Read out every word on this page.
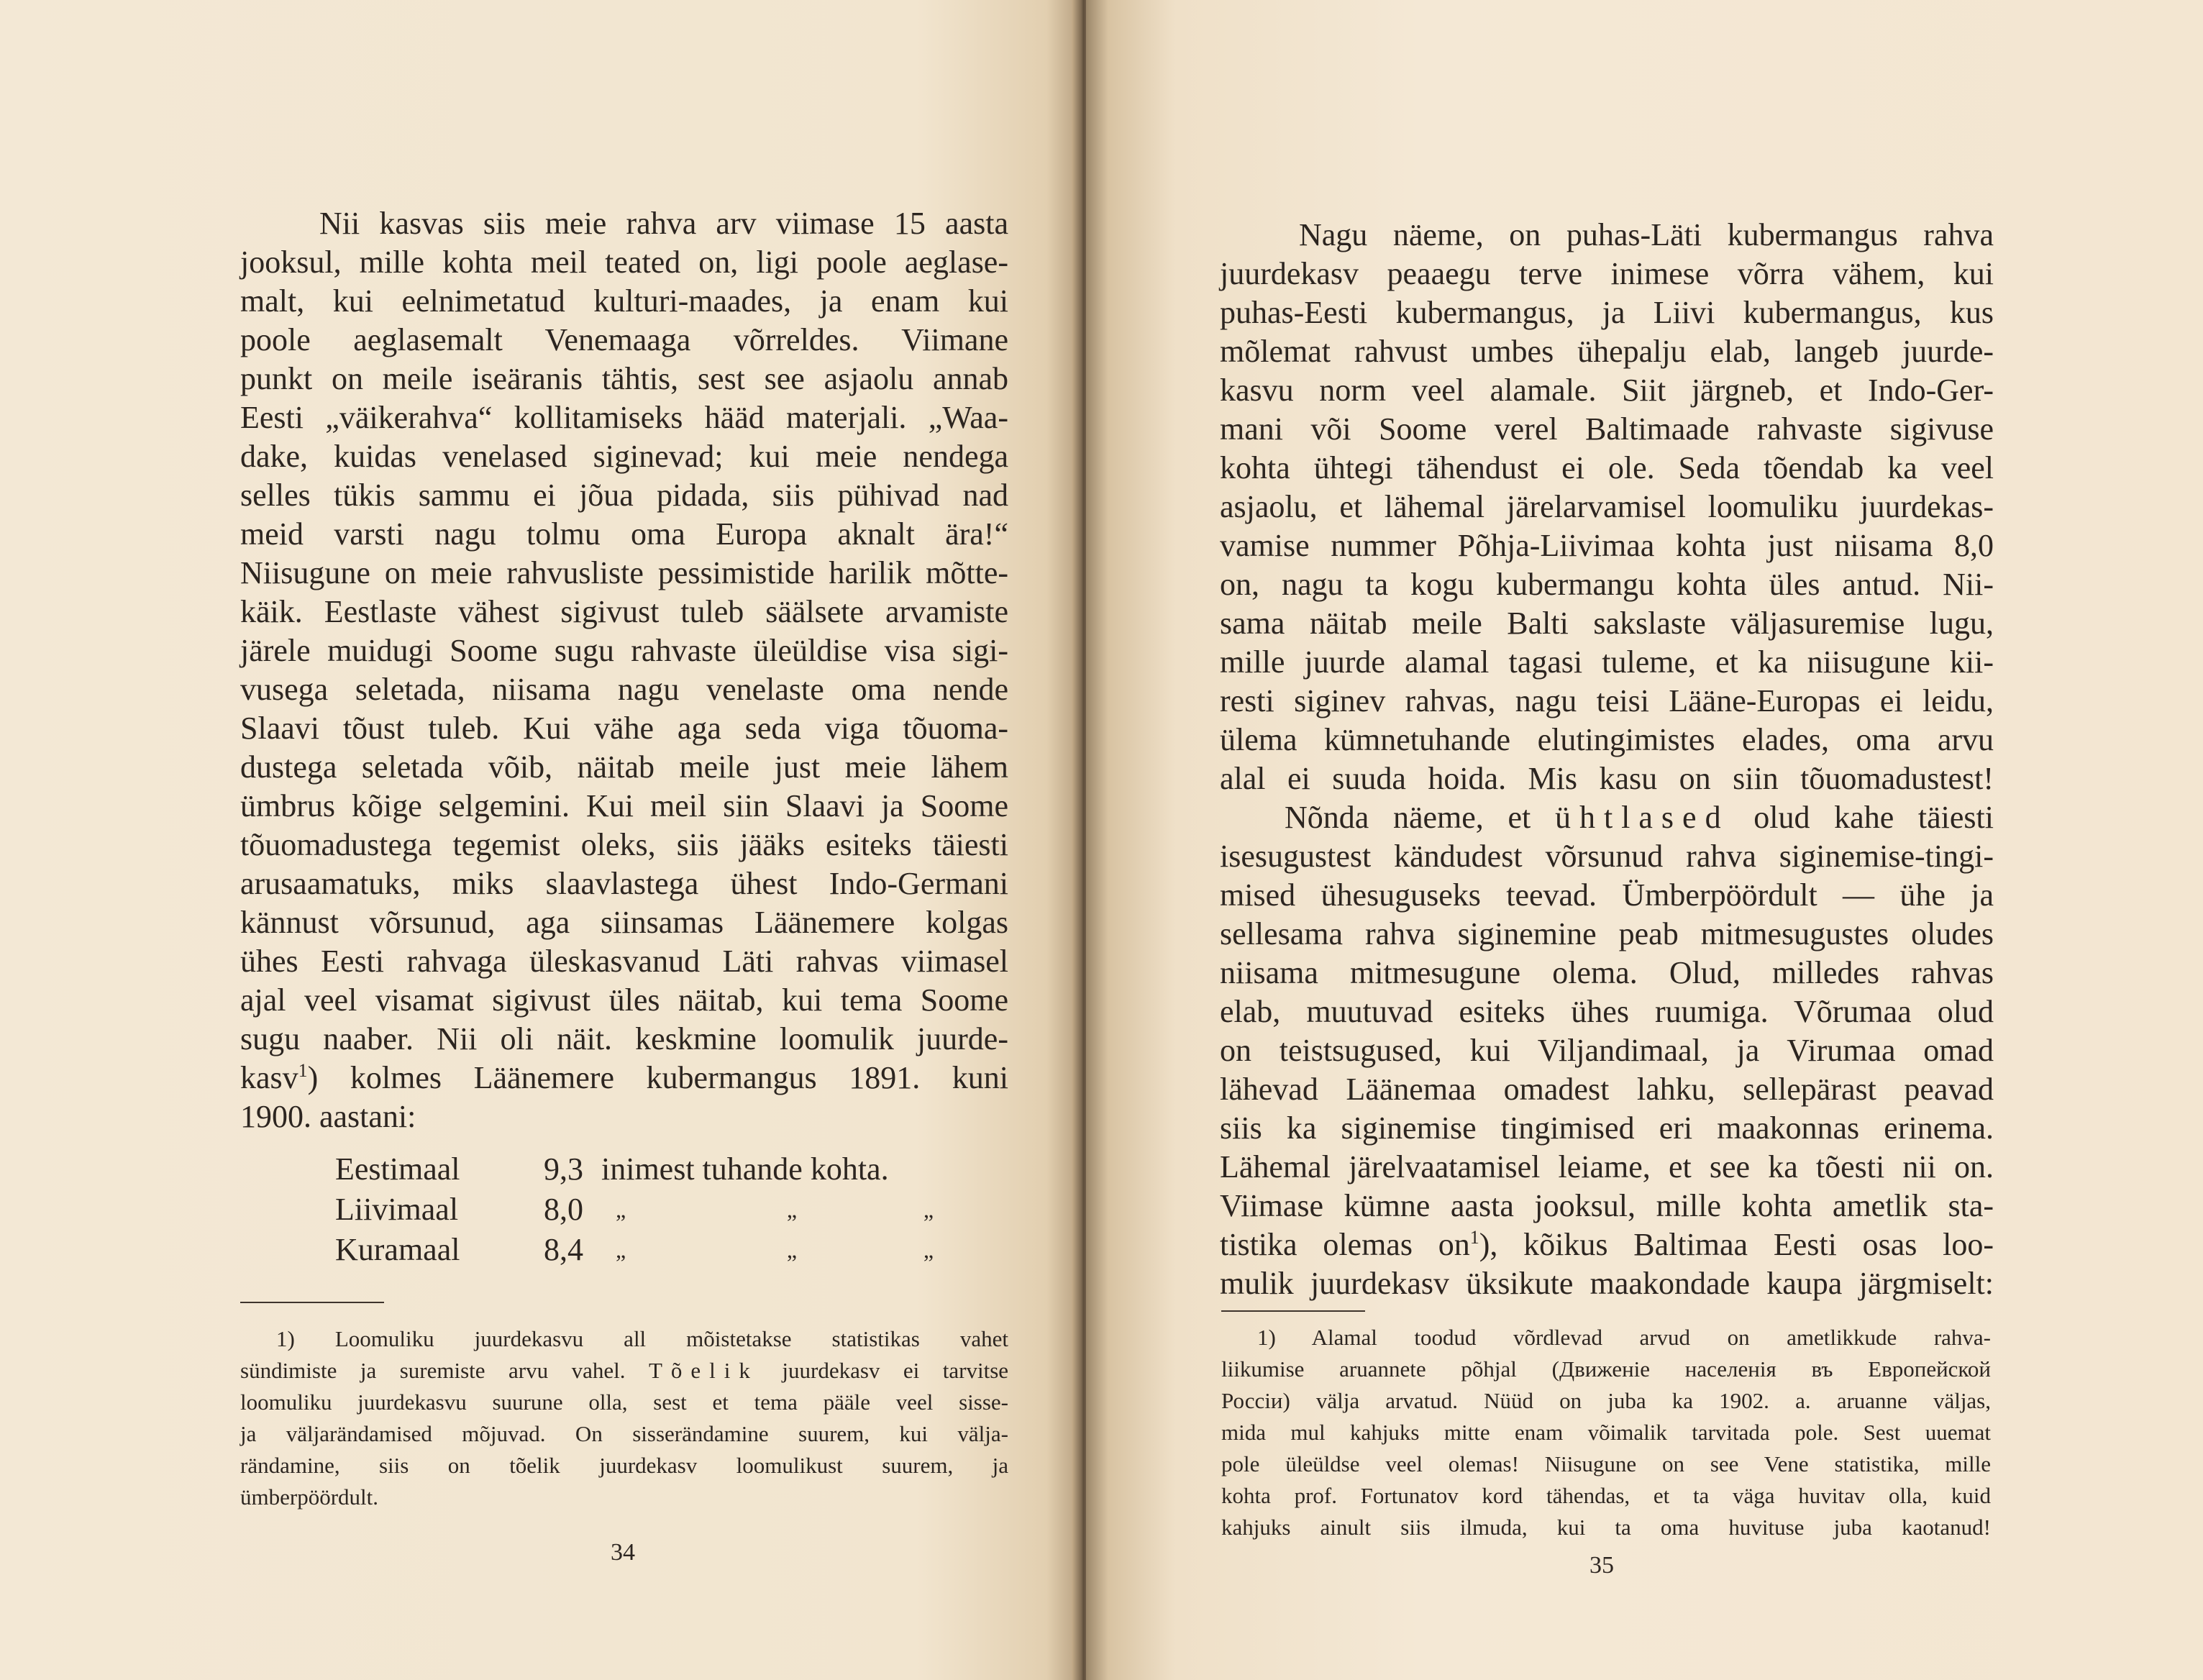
Nii kasvas siis meie rahva arv viimase 15 aasta
jooksul, mille kohta meil teated on, ligi poole aeglase-
malt, kui eelnimetatud kulturi-maades, ja enam kui
poole aeglasemalt Venemaaga võrreldes. Viimane
punkt on meile iseäranis tähtis, sest see asjaolu annab
Eesti „väikerahva“ kollitamiseks hääd materjali. „Waa-
dake, kuidas venelased siginevad; kui meie nendega
selles tükis sammu ei jõua pidada, siis pühivad nad
meid varsti nagu tolmu oma Europa aknalt ära!“
Niisugune on meie rahvusliste pessimistide harilik mõtte-
käik. Eestlaste vähest sigivust tuleb säälsete arvamiste
järele muidugi Soome sugu rahvaste üleüldise visa sigi-
vusega seletada, niisama nagu venelaste oma nende
Slaavi tõust tuleb. Kui vähe aga seda viga tõuoma-
dustega seletada võib, näitab meile just meie lähem
ümbrus kõige selgemini. Kui meil siin Slaavi ja Soome
tõuomadustega tegemist oleks, siis jääks esiteks täiesti
arusaamatuks, miks slaavlastega ühest Indo-Germani
kännust võrsunud, aga siinsamas Läänemere kolgas
ühes Eesti rahvaga üleskasvanud Läti rahvas viimasel
ajal veel visamat sigivust üles näitab, kui tema Soome
sugu naaber. Nii oli näit. keskmine loomulik juurde-
kasv$^1$) kolmes Läänemere kubermangus 1891. kuni
1900. aastani:
Eestimaal	9,3 inimest tuhande kohta.
Liivimaal	8,0	„	„	„
Kuramaal	8,4	„	„	„
1) Loomuliku juurdekasvu all mõistetakse statistikas vahet
sündimiste ja suremiste arvu vahel. Tõelik juurdekasv ei tarvitse
loomuliku juurdekasvu suurune olla, sest et tema pääle veel sisse-
ja väljarändamised mõjuvad. On sisserändamine suurem, kui välja-
rändamine, siis on tõelik juurdekasv loomulikust suurem, ja
ümberpöördult.
34
Nagu näeme, on puhas-Läti kubermangus rahva
juurdekasv peaaegu terve inimese võrra vähem, kui
puhas-Eesti kubermangus, ja Liivi kubermangus, kus
mõlemat rahvust umbes ühepalju elab, langeb juurde-
kasvu norm veel alamale. Siit järgneb, et Indo-Ger-
mani või Soome verel Baltimaade rahvaste sigivuse
kohta ühtegi tähendust ei ole. Seda tõendab ka veel
asjaolu, et lähemal järelarvamisel loomuliku juurdekas-
vamise nummer Põhja-Liivimaa kohta just niisama 8,0
on, nagu ta kogu kubermangu kohta üles antud. Nii-
sama näitab meile Balti sakslaste väljasuremise lugu,
mille juurde alamal tagasi tuleme, et ka niisugune kii-
resti siginev rahvas, nagu teisi Lääne-Europas ei leidu,
ülema kümnetuhande elutingimistes elades, oma arvu
alal ei suuda hoida. Mis kasu on siin tõuomadustest!
Nõnda näeme, et ühtlased olud kahe täiesti
isesugustest kändudest võrsunud rahva siginemise-tingi-
mised ühesuguseks teevad. Ümberpöördult — ühe ja
sellesama rahva siginemine peab mitmesugustes oludes
niisama mitmesugune olema. Olud, milledes rahvas
elab, muutuvad esiteks ühes ruumiga. Võrumaa olud
on teistsugused, kui Viljandimaal, ja Virumaa omad
lähevad Läänemaa omadest lahku, sellepärast peavad
siis ka siginemise tingimised eri maakonnas erinema.
Lähemal järelvaatamisel leiame, et see ka tõesti nii on.
Viimase kümne aasta jooksul, mille kohta ametlik sta-
tistika olemas $on^1$), kõikus Baltimaa Eesti osas loo-
mulik juurdekasv üksikute maakondade kaupa järgmiselt:
1) Alamal toodud võrdlevad arvud on ametlikkude rahva-
liikumise aruannete põhjal (Движенiе населенiя въ Европейской
Россiи) välja arvatud. Nüüd on juba ka 1902. a. aruanne väljas,
mida mul kahjuks mitte enam võimalik tarvitada pole. Sest uuemat
pole üleüldse veel olemas! Niisugune on see Vene statistika, mille
kohta prof. Fortunatov kord tähendas, et ta väga huvitav olla, kuid
kahjuks ainult siis ilmuda, kui ta oma huvituse juba kaotanud!
35
